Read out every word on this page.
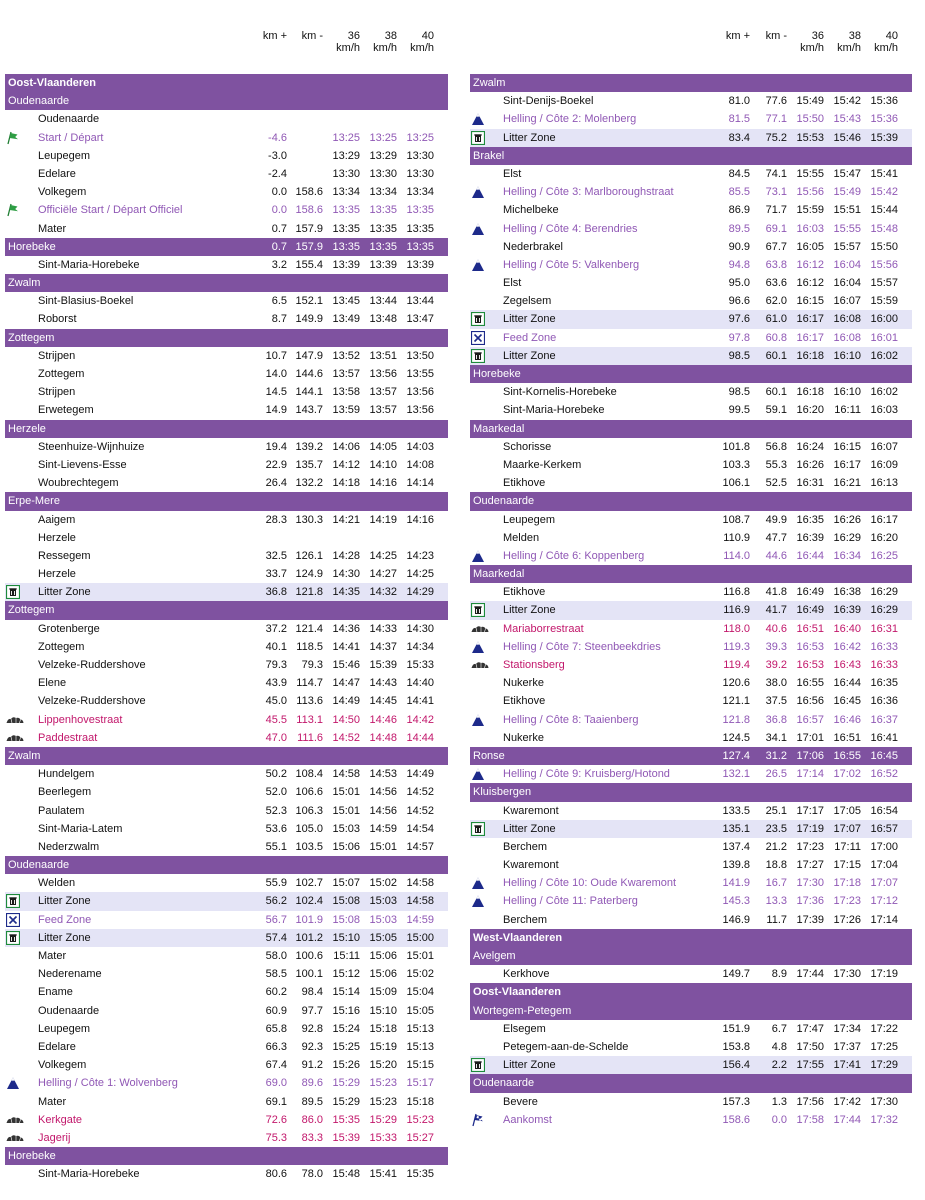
km +	km -	36
km/h
38
km/h
40
km/h
Oost-Vlaanderen
Oudenaarde
Oudenaarde
Start / Départ	-4.6	13:25 13:25 13:25
Leupegem	-3.0	13:29 13:29 13:30
Edelare	-2.4	13:30 13:30 13:30
Volkegem	0.0 158.6 13:34 13:34 13:34
Officiële Start / Départ Officiel	0.0 158.6 13:35 13:35 13:35
Mater	0.7 157.9 13:35 13:35 13:35
Horebeke	0.7 157.9 13:35 13:35 13:35
Sint-Maria-Horebeke	3.2 155.4 13:39 13:39 13:39
Zwalm
Sint-Blasius-Boekel	6.5 152.1 13:45 13:44 13:44
Roborst	8.7 149.9 13:49 13:48 13:47
Zottegem
Strijpen	10.7 147.9 13:52 13:51 13:50
Zottegem	14.0 144.6 13:57 13:56 13:55
Strijpen	14.5 144.1 13:58 13:57 13:56
Erwetegem	14.9 143.7 13:59 13:57 13:56
Herzele
Steenhuize-Wijnhuize	19.4 139.2 14:06 14:05 14:03
Sint-Lievens-Esse	22.9 135.7 14:12 14:10 14:08
Woubrechtegem	26.4 132.2 14:18 14:16 14:14
Erpe-Mere
Aaigem	28.3 130.3 14:21 14:19 14:16
Herzele
Ressegem	32.5 126.1 14:28 14:25 14:23
Herzele	33.7 124.9 14:30 14:27 14:25
Litter Zone	36.8 121.8 14:35 14:32 14:29
Zottegem
Grotenberge	37.2 121.4 14:36 14:33 14:30
Zottegem	40.1 118.5 14:41 14:37 14:34
Velzeke-Ruddershove	79.3	79.3 15:46 15:39 15:33
Elene	43.9 114.7 14:47 14:43 14:40
Velzeke-Ruddershove	45.0 113.6 14:49 14:45 14:41
Lippenhovestraat	45.5 113.1 14:50 14:46 14:42
Paddestraat	47.0 111.6 14:52 14:48 14:44
Zwalm
Hundelgem	50.2 108.4 14:58 14:53 14:49
Beerlegem	52.0 106.6 15:01 14:56 14:52
Paulatem	52.3 106.3 15:01 14:56 14:52
Sint-Maria-Latem	53.6 105.0 15:03 14:59 14:54
Nederzwalm	55.1 103.5 15:06 15:01 14:57
Oudenaarde
Welden	55.9 102.7 15:07 15:02 14:58
Litter Zone	56.2 102.4 15:08 15:03 14:58
Feed Zone	56.7 101.9 15:08 15:03 14:59
Litter Zone	57.4 101.2 15:10 15:05 15:00
Mater	58.0 100.6 15:11 15:06 15:01
Nederename	58.5 100.1 15:12 15:06 15:02
Ename	60.2	98.4 15:14 15:09 15:04
Oudenaarde	60.9	97.7 15:16 15:10 15:05
Leupegem	65.8	92.8 15:24 15:18 15:13
Edelare	66.3	92.3 15:25 15:19 15:13
Volkegem	67.4	91.2 15:26 15:20 15:15
Helling / Côte 1: Wolvenberg	69.0	89.6 15:29 15:23 15:17
Mater	69.1	89.5 15:29 15:23 15:18
Kerkgate	72.6	86.0 15:35 15:29 15:23
Jagerij	75.3	83.3 15:39 15:33 15:27
Horebeke
Sint-Maria-Horebeke	80.6	78.0 15:48 15:41 15:35
km +	km -	36
km/h
38
km/h
40
km/h
Zwalm
Sint-Denijs-Boekel	81.0	77.6 15:49 15:42 15:36
Helling / Côte 2: Molenberg	81.5	77.1 15:50 15:43 15:36
Litter Zone	83.4	75.2 15:53 15:46 15:39
Brakel
Elst	84.5	74.1 15:55 15:47 15:41
Helling / Côte 3: Marlboroughstraat	85.5	73.1 15:56 15:49 15:42
Michelbeke	86.9	71.7 15:59 15:51 15:44
Helling / Côte 4: Berendries	89.5	69.1 16:03 15:55 15:48
Nederbrakel	90.9	67.7 16:05 15:57 15:50
Helling / Côte 5: Valkenberg	94.8	63.8 16:12 16:04 15:56
Elst	95.0	63.6 16:12 16:04 15:57
Zegelsem	96.6	62.0 16:15 16:07 15:59
Litter Zone	97.6	61.0 16:17 16:08 16:00
Feed Zone	97.8	60.8 16:17 16:08 16:01
Litter Zone	98.5	60.1 16:18 16:10 16:02
Horebeke
Sint-Kornelis-Horebeke	98.5	60.1 16:18 16:10 16:02
Sint-Maria-Horebeke	99.5	59.1 16:20 16:11 16:03
Maarkedal
Schorisse	101.8	56.8 16:24 16:15 16:07
Maarke-Kerkem	103.3	55.3 16:26 16:17 16:09
Etikhove	106.1	52.5 16:31 16:21 16:13
Oudenaarde
Leupegem	108.7	49.9 16:35 16:26 16:17
Melden	110.9	47.7 16:39 16:29 16:20
Helling / Côte 6: Koppenberg	114.0	44.6 16:44 16:34 16:25
Maarkedal
Etikhove	116.8	41.8 16:49 16:38 16:29
Litter Zone	116.9	41.7 16:49 16:39 16:29
Mariaborrestraat	118.0	40.6 16:51 16:40 16:31
Helling / Côte 7: Steenbeekdries	119.3	39.3 16:53 16:42 16:33
Stationsberg	119.4	39.2 16:53 16:43 16:33
Nukerke	120.6	38.0 16:55 16:44 16:35
Etikhove	121.1	37.5 16:56 16:45 16:36
Helling / Côte 8: Taaienberg	121.8	36.8 16:57 16:46 16:37
Nukerke	124.5	34.1 17:01 16:51 16:41
Ronse	127.4	31.2 17:06 16:55 16:45
Helling / Côte 9: Kruisberg/Hotond	132.1	26.5 17:14 17:02 16:52
Kluisbergen
Kwaremont	133.5	25.1 17:17 17:05 16:54
Litter Zone	135.1	23.5 17:19 17:07 16:57
Berchem	137.4	21.2 17:23 17:11 17:00
Kwaremont	139.8	18.8 17:27 17:15 17:04
Helling / Côte 10: Oude Kwaremont	141.9	16.7 17:30 17:18 17:07
Helling / Côte 11: Paterberg	145.3	13.3 17:36 17:23 17:12
Berchem	146.9	11.7 17:39 17:26 17:14
West-Vlaanderen
Avelgem
Kerkhove	149.7	8.9 17:44 17:30 17:19
Oost-Vlaanderen
Wortegem-Petegem
Elsegem	151.9	6.7 17:47 17:34 17:22
Petegem-aan-de-Schelde	153.8	4.8 17:50 17:37 17:25
Litter Zone	156.4	2.2 17:55 17:41 17:29
Oudenaarde
Bevere	157.3	1.3 17:56 17:42 17:30
Aankomst	158.6	0.0 17:58 17:44 17:32
